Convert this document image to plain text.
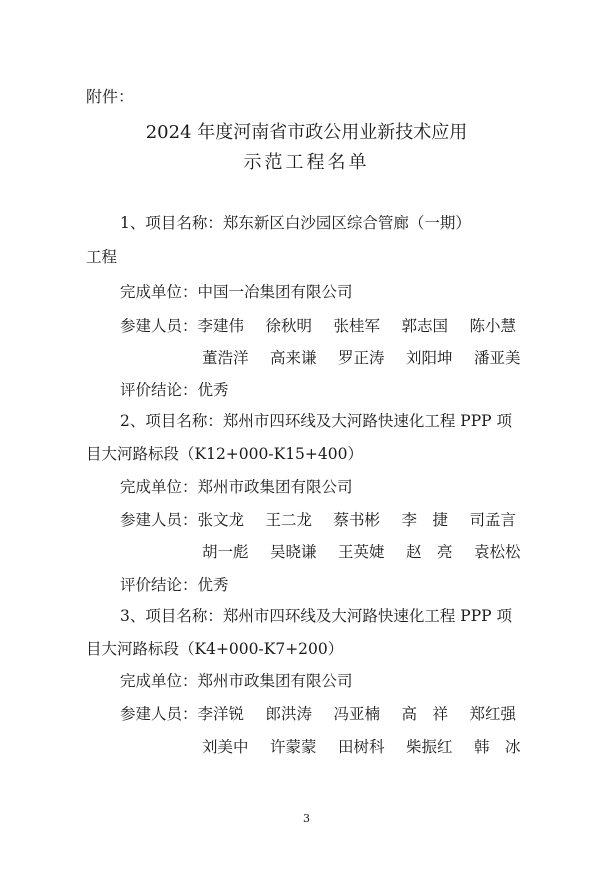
附件：
2024 年度河南省市政公用业新技术应用
示范工程名单
1、项目名称：郑东新区白沙园区综合管廊（一期）
工程
完成单位： 中国一冶集团有限公司
参建人员： 李建伟	徐秋明	张桂军	郭志国	陈小慧
董浩洋	高来谦	罗正涛	刘阳坤	潘亚美
评价结论： 优秀
2、项目名称：郑州市四环线及大河路快速化工程 PPP 项
目大河路标段（K12+000-K15+400）
完成单位： 郑州市政集团有限公司
参建人员： 张文龙	王二龙	蔡书彬	李　捷	司孟言
胡一彪	吴晓谦	王英婕	赵　亮	袁松松
评价结论： 优秀
3、项目名称：郑州市四环线及大河路快速化工程 PPP 项
目大河路标段（K4+000-K7+200）
完成单位： 郑州市政集团有限公司
参建人员： 李洋锐	郎洪涛	冯亚楠	高　祥	郑红强
刘美中	许蒙蒙	田树科	柴振红	韩　冰
3
